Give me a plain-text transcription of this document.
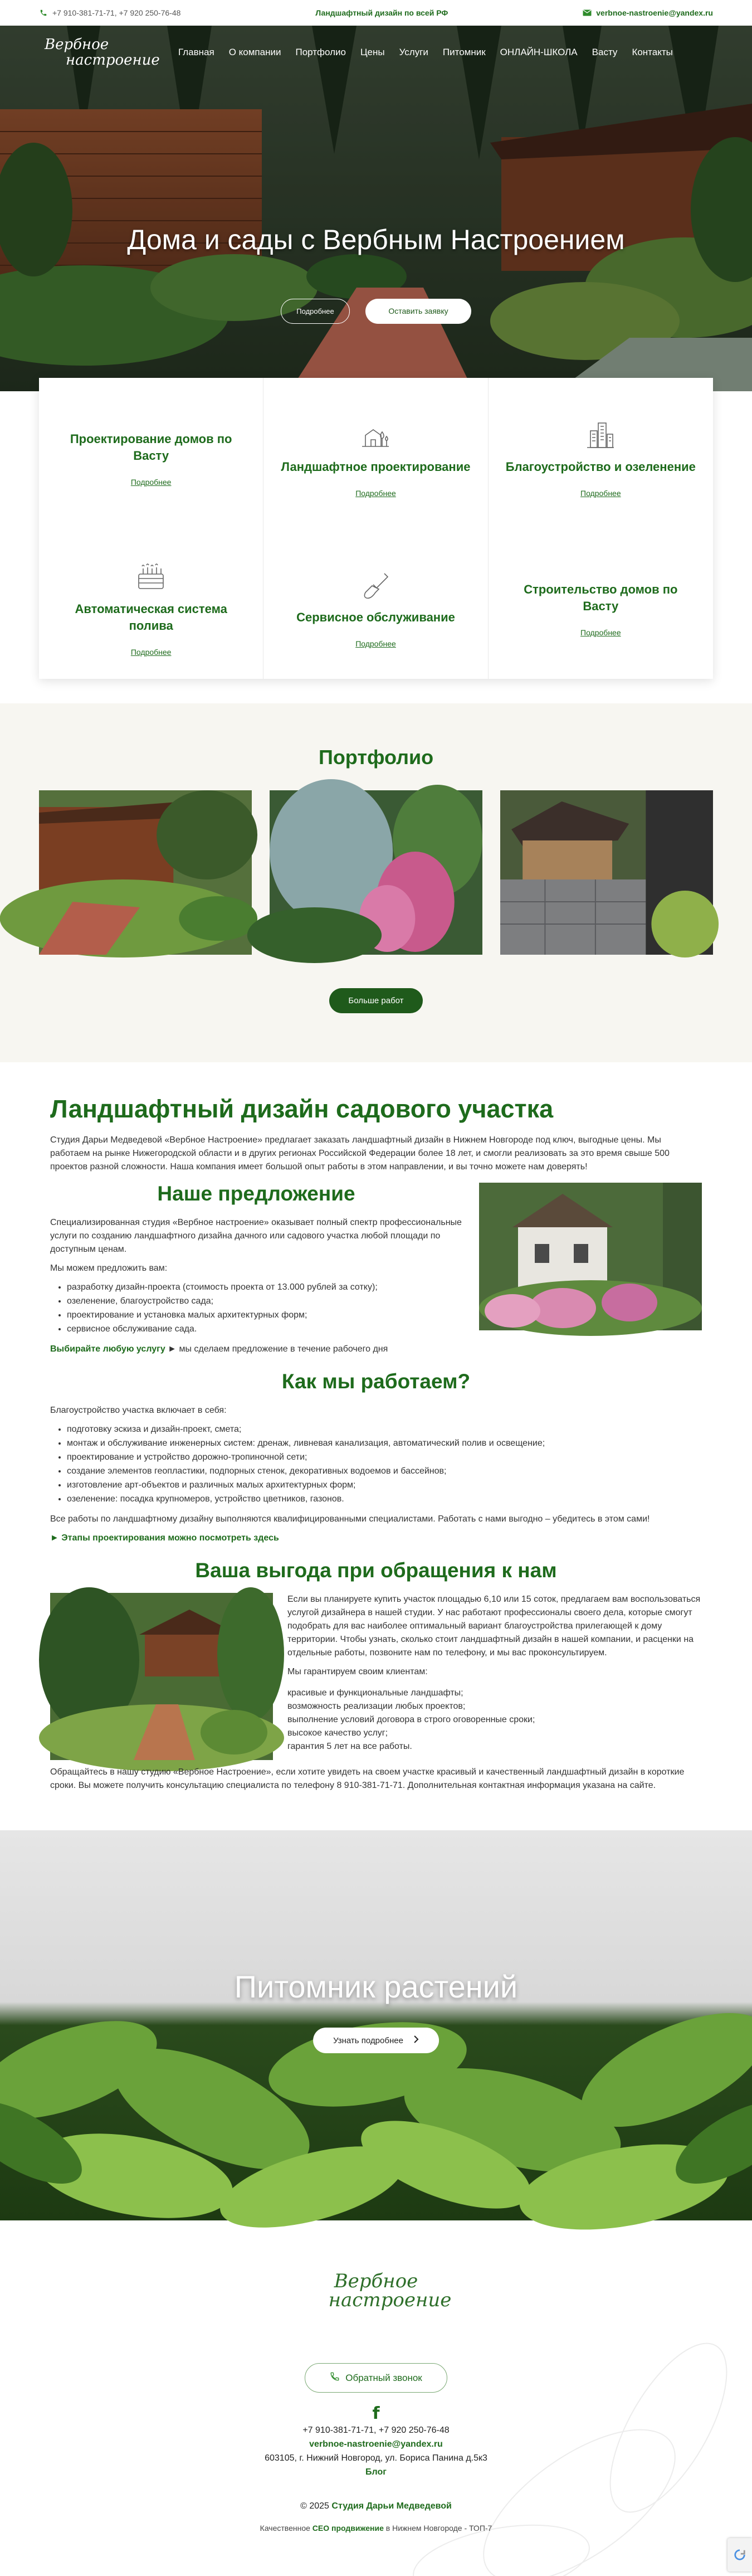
+7 910-381-71-71, +7 920 250-76-48	Ландшафтный дизайн по всей РФ	verbnoe-nastroenie@yandex.ru
Вербное
настроение	Главная О компании Портфолио Цены Услуги Питомник ОНЛАЙН-ШКОЛА Васту Контакты
Дома и сады с Вербным Настроением
Подробнее	Оставить заявку
Проектирование домов по Васту
Подробнее
Ландшафтное проектирование
Подробнее
Благоустройство и озеленение
Подробнее
Автоматическая система полива
Подробнее
Сервисное обслуживание
Подробнее
Строительство домов по Васту
Подробнее
Портфолио
Больше работ
Ландшафтный дизайн садового участка

Студия Дарьи Медведевой «Вербное Настроение» предлагает заказать ландшафтный дизайн в Нижнем Новгороде под ключ, выгодные цены. Мы работаем на рынке Нижегородской области и в других регионах Российской Федерации более 18 лет, и смогли реализовать за это время свыше 500 проектов разной сложности. Наша компания имеет большой опыт работы в этом направлении, и вы точно можете нам доверять!

Наше предложение

Специализированная студия «Вербное настроение» оказывает полный спектр профессиональные услуги по созданию ландшафтного дизайна дачного или садового участка любой площади по доступным ценам.

Мы можем предложить вам:

• разработку дизайн-проекта (стоимость проекта от 13.000 рублей за сотку);
• озеленение, благоустройство сада;
• проектирование и установка малых архитектурных форм;
• сервисное обслуживание сада.

Выбирайте любую услугу ► мы сделаем предложение в течение рабочего дня

Как мы работаем?

Благоустройство участка включает в себя:

• подготовку эскиза и дизайн-проект, смета;
• монтаж и обслуживание инженерных систем: дренаж, ливневая канализация, автоматический полив и освещение;
• проектирование и устройство дорожно-тропиночной сети;
• создание элементов геопластики, подпорных стенок, декоративных водоемов и бассейнов;
• изготовление арт-объектов и различных малых архитектурных форм;
• озеленение: посадка крупномеров, устройство цветников, газонов.

Все работы по ландшафтному дизайну выполняются квалифицированными специалистами. Работать с нами выгодно – убедитесь в этом сами!

► Этапы проектирования можно посмотреть здесь

Ваша выгода при обращения к нам

Если вы планируете купить участок площадью 6,10 или 15 соток, предлагаем вам воспользоваться услугой дизайнера в нашей студии. У нас работают профессионалы своего дела, которые смогут подобрать для вас наиболее оптимальный вариант благоустройства прилегающей к дому территории. Чтобы узнать, сколько стоит ландшафтный дизайн в нашей компании, и расценки на отдельные работы, позвоните нам по телефону, и мы вас проконсультируем.

Мы гарантируем своим клиентам:

красивые и функциональные ландшафты;
возможность реализации любых проектов;
выполнение условий договора в строго оговоренные сроки;
высокое качество услуг;
гарантия 5 лет на все работы.

Обращайтесь в нашу студию «Вербное Настроение», если хотите увидеть на своем участке красивый и качественный ландшафтный дизайн в короткие сроки. Вы можете получить консультацию специалиста по телефону 8 910-381-71-71. Дополнительная контактная информация указана на сайте.

Питомник растений
Узнать подробнее
Вербное
настроение
Обратный звонок
f
+7 910-381-71-71, +7 920 250-76-48
verbnoe-nastroenie@yandex.ru
603105, г. Нижний Новгород, ул. Бориса Панина д.5к3
Блог
© 2025 Студия Дарьи Медведевой
Качественное СЕО продвижение в Нижнем Новгороде - ТОП-7
